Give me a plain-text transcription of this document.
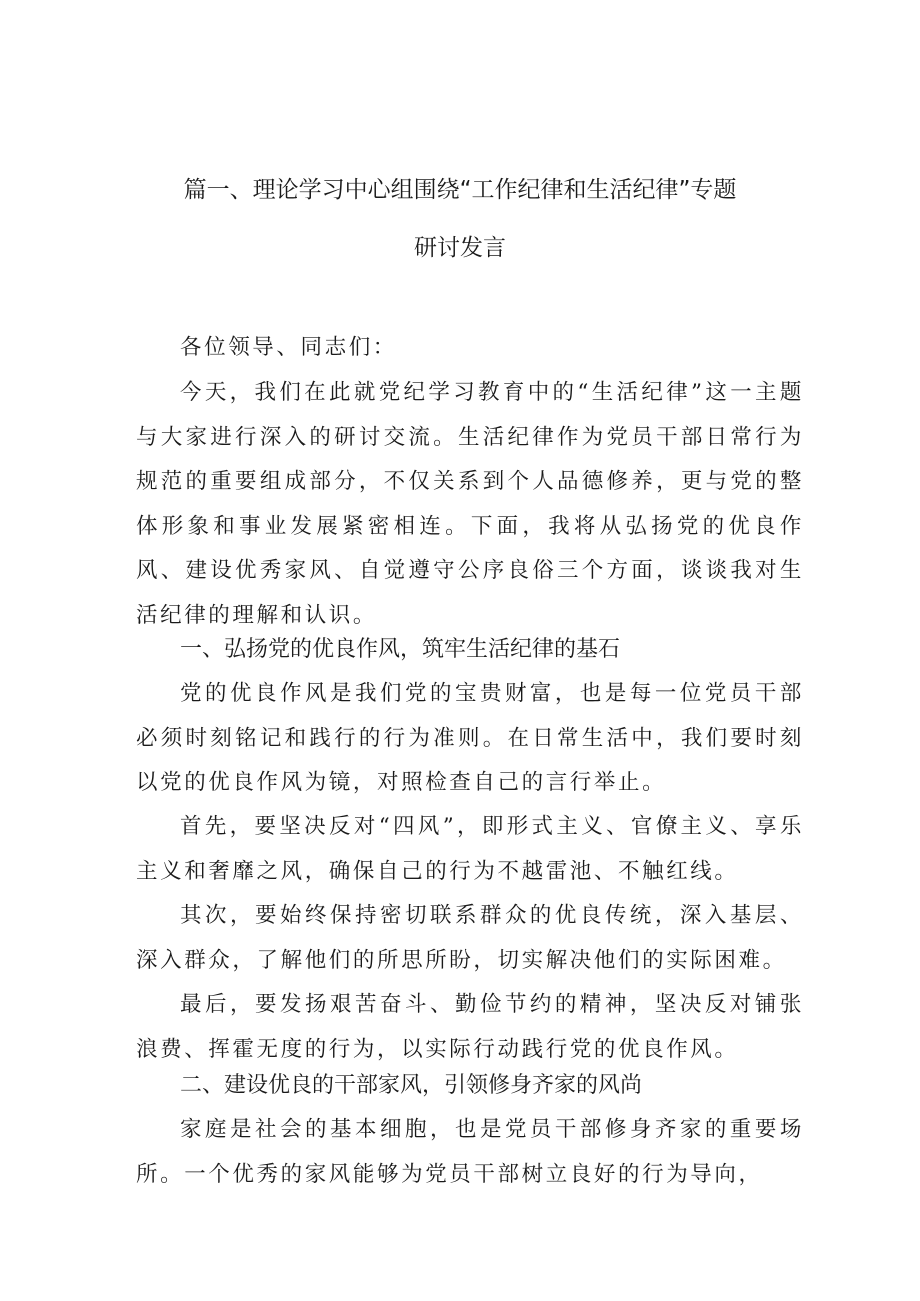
篇一、理论学习中心组围绕“工作纪律和生活纪律”专题
研讨发言
各位领导、同志们：

今天，我们在此就党纪学习教育中的“生活纪律”这一主题与大家进行深入的研讨交流。生活纪律作为党员干部日常行为规范的重要组成部分，不仅关系到个人品德修养，更与党的整体形象和事业发展紧密相连。下面，我将从弘扬党的优良作风、建设优秀家风、自觉遵守公序良俗三个方面，谈谈我对生活纪律的理解和认识。

一、弘扬党的优良作风，筑牢生活纪律的基石

党的优良作风是我们党的宝贵财富，也是每一位党员干部必须时刻铭记和践行的行为准则。在日常生活中，我们要时刻以党的优良作风为镜，对照检查自己的言行举止。

首先，要坚决反对“四风”，即形式主义、官僚主义、享乐主义和奢靡之风，确保自己的行为不越雷池、不触红线。

其次，要始终保持密切联系群众的优良传统，深入基层、深入群众，了解他们的所思所盼，切实解决他们的实际困难。

最后，要发扬艰苦奋斗、勤俭节约的精神，坚决反对铺张浪费、挥霍无度的行为，以实际行动践行党的优良作风。

二、建设优良的干部家风，引领修身齐家的风尚

家庭是社会的基本细胞，也是党员干部修身齐家的重要场所。一个优秀的家风能够为党员干部树立良好的行为导向，
